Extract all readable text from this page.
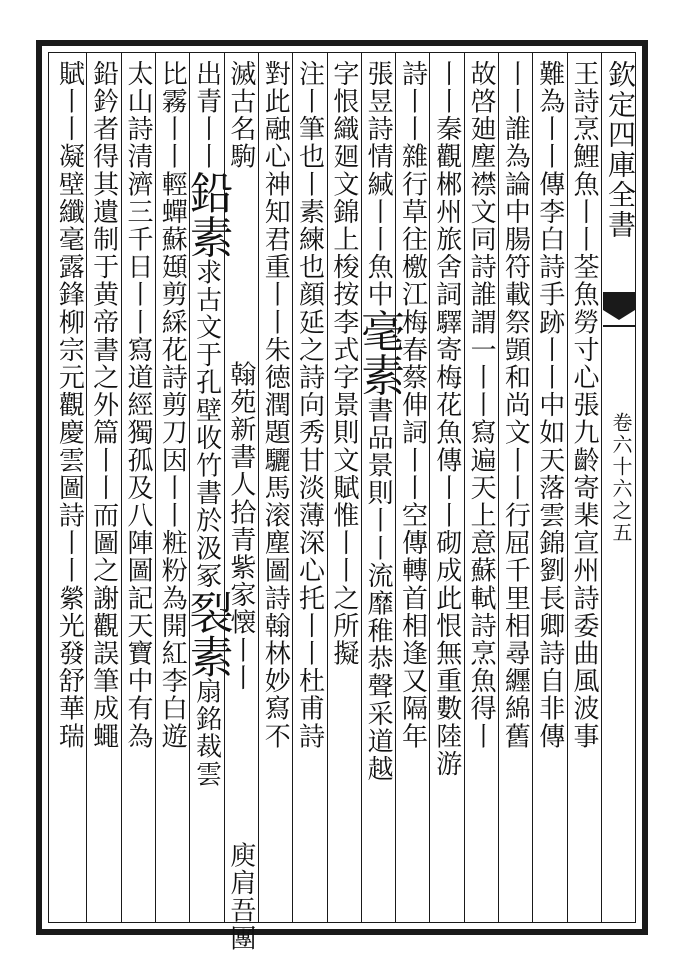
欽定四庫全書
卷六十六之五
王詩烹鯉魚丨丨荃魚勞寸心張九齡寄棐宣州詩委曲風波事
難為丨丨傳李白詩手跡丨丨中如天落雲錦劉長卿詩自非傳
丨丨誰為論中腸符載祭顗和尚文丨丨行屈千里相尋纒綿舊
故啓廸塵襟文同詩誰謂一丨丨寫遍天上意蘇軾詩烹魚得丨
丨丨秦觀郴州旅舍詞驛寄梅花魚傳丨丨砌成此恨無重數陸游
詩丨丨雜行草往檄江梅春蔡伸詞丨丨空傳轉首相逢又隔年
張昱詩情緘丨丨魚中毫素書品景則丨丨流靡稚恭聲采道越
字恨織廻文錦上梭按李式字景則文賦惟丨丨之所擬
注丨筆也丨素練也顔延之詩向秀甘淡薄深心托丨丨杜甫詩
對此融心神知君重丨丨朱徳潤題驪馬滚塵圖詩翰林妙寫不
滅古名駒翰苑新書人拾青紫家懐丨丨庾肩吾團
出青丨丨鉛素求古文于孔壁收竹書於汲冢裂素扇銘裁雲
比霧丨丨輕蟬蘇頲剪綵花詩剪刀因丨丨粧粉為開紅李白遊
太山詩清濟三千日丨丨寫道經獨孤及八陣圖記天寶中有為
鉛鈐者得其遺制于黄帝書之外篇丨丨而圖之謝觀誤筆成蠅
賦丨丨凝壁纖毫露鋒柳宗元觀慶雲圖詩丨丨縈光發舒華瑞
